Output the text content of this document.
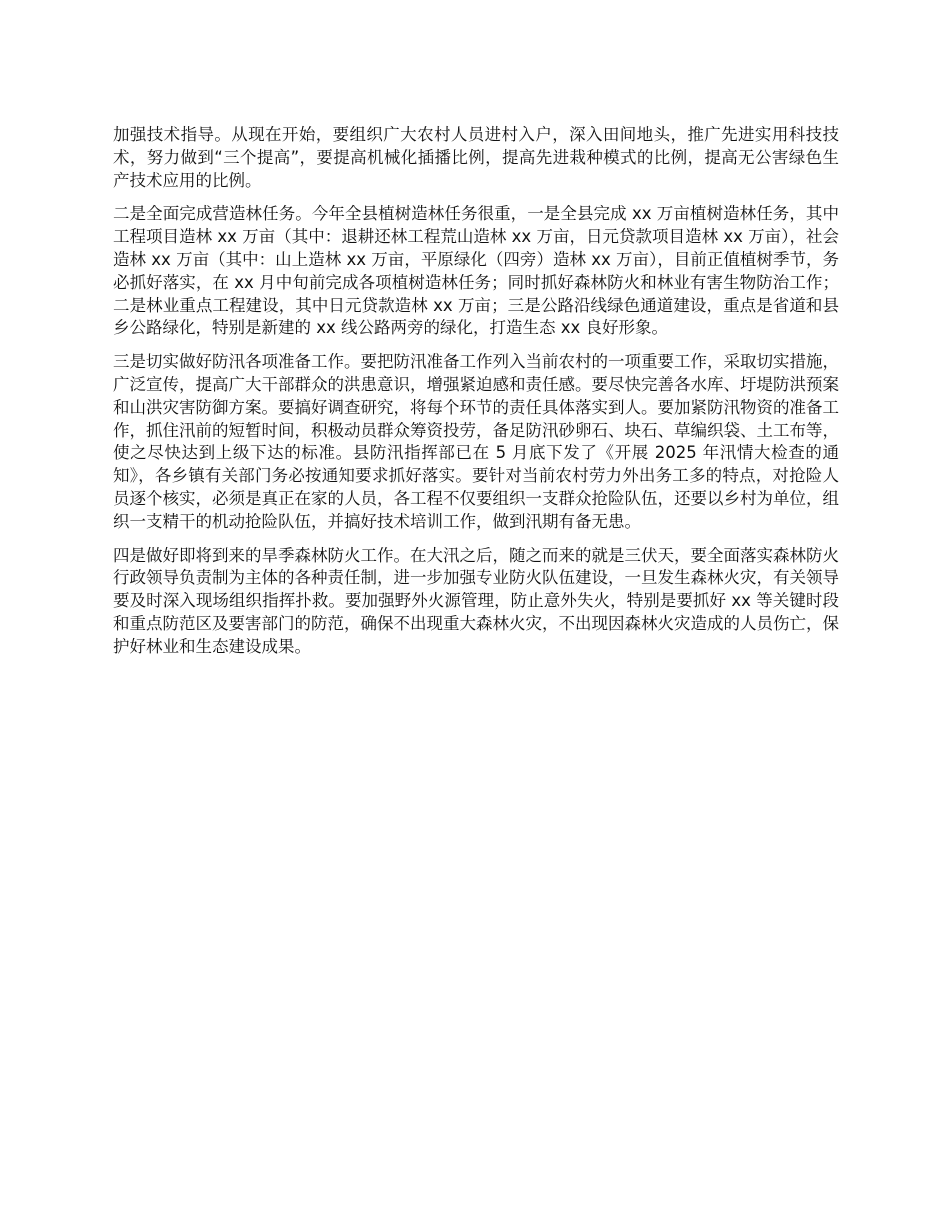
加强技术指导。从现在开始，要组织广大农村人员进村入户，深入田间地头，推广先进实用科技技术，努力做到“三个提高”，要提高机械化插播比例，提高先进栽种模式的比例，提高无公害绿色生产技术应用的比例。

二是全面完成营造林任务。今年全县植树造林任务很重，一是全县完成 xx 万亩植树造林任务，其中工程项目造林 xx 万亩（其中：退耕还林工程荒山造林 xx 万亩，日元贷款项目造林 xx 万亩），社会造林 xx 万亩（其中：山上造林 xx 万亩，平原绿化（四旁）造林 xx 万亩），目前正值植树季节，务必抓好落实，在 xx 月中旬前完成各项植树造林任务；同时抓好森林防火和林业有害生物防治工作；二是林业重点工程建设，其中日元贷款造林 xx 万亩；三是公路沿线绿色通道建设，重点是省道和县乡公路绿化，特别是新建的 xx 线公路两旁的绿化，打造生态 xx 良好形象。

三是切实做好防汛各项准备工作。要把防汛准备工作列入当前农村的一项重要工作，采取切实措施，广泛宣传，提高广大干部群众的洪患意识，增强紧迫感和责任感。要尽快完善各水库、圩堤防洪预案和山洪灾害防御方案。要搞好调查研究，将每个环节的责任具体落实到人。要加紧防汛物资的准备工作，抓住汛前的短暂时间，积极动员群众筹资投劳，备足防汛砂卵石、块石、草编织袋、土工布等，使之尽快达到上级下达的标准。县防汛指挥部已在 5 月底下发了《开展 2025 年汛情大检查的通知》，各乡镇有关部门务必按通知要求抓好落实。要针对当前农村劳力外出务工多的特点，对抢险人员逐个核实，必须是真正在家的人员，各工程不仅要组织一支群众抢险队伍，还要以乡村为单位，组织一支精干的机动抢险队伍，并搞好技术培训工作，做到汛期有备无患。

四是做好即将到来的旱季森林防火工作。在大汛之后，随之而来的就是三伏天，要全面落实森林防火行政领导负责制为主体的各种责任制，进一步加强专业防火队伍建设，一旦发生森林火灾，有关领导要及时深入现场组织指挥扑救。要加强野外火源管理，防止意外失火，特别是要抓好 xx 等关键时段和重点防范区及要害部门的防范，确保不出现重大森林火灾，不出现因森林火灾造成的人员伤亡，保护好林业和生态建设成果。
